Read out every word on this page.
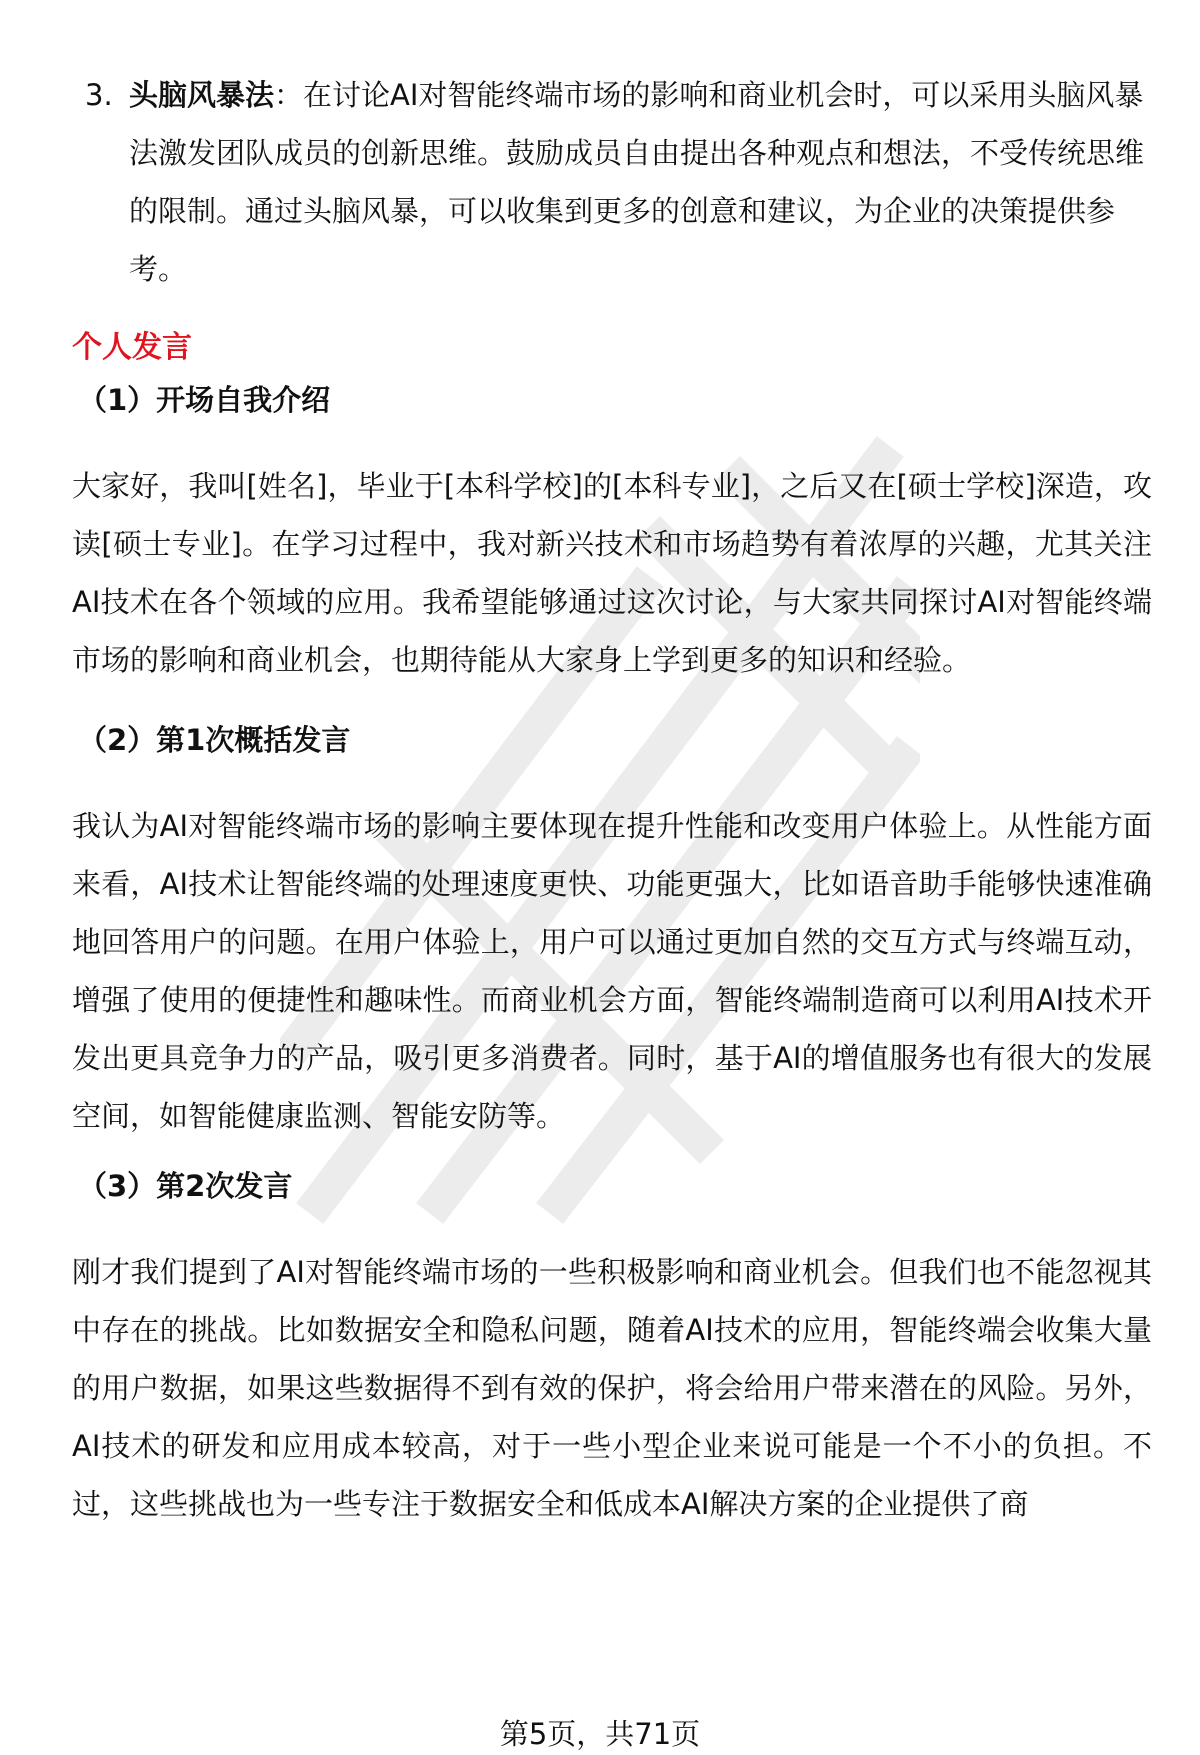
3. 头脑风暴法：在讨论AI对智能终端市场的影响和商业机会时，可以采用头脑风暴法激发团队成员的创新思维。鼓励成员自由提出各种观点和想法，不受传统思维的限制。通过头脑风暴，可以收集到更多的创意和建议，为企业的决策提供参考。
个人发言
（1）开场自我介绍
大家好，我叫[姓名]，毕业于[本科学校]的[本科专业]，之后又在[硕士学校]深造，攻读[硕士专业]。在学习过程中，我对新兴技术和市场趋势有着浓厚的兴趣，尤其关注AI技术在各个领域的应用。我希望能够通过这次讨论，与大家共同探讨AI对智能终端市场的影响和商业机会，也期待能从大家身上学到更多的知识和经验。
（2）第1次概括发言
我认为AI对智能终端市场的影响主要体现在提升性能和改变用户体验上。从性能方面来看，AI技术让智能终端的处理速度更快、功能更强大，比如语音助手能够快速准确地回答用户的问题。在用户体验上，用户可以通过更加自然的交互方式与终端互动，增强了使用的便捷性和趣味性。而商业机会方面，智能终端制造商可以利用AI技术开发出更具竞争力的产品，吸引更多消费者。同时，基于AI的增值服务也有很大的发展空间，如智能健康监测、智能安防等。
（3）第2次发言
刚才我们提到了AI对智能终端市场的一些积极影响和商业机会。但我们也不能忽视其中存在的挑战。比如数据安全和隐私问题，随着AI技术的应用，智能终端会收集大量的用户数据，如果这些数据得不到有效的保护，将会给用户带来潜在的风险。另外，AI技术的研发和应用成本较高，对于一些小型企业来说可能是一个不小的负担。不过，这些挑战也为一些专注于数据安全和低成本AI解决方案的企业提供了商
第5页，共71页
